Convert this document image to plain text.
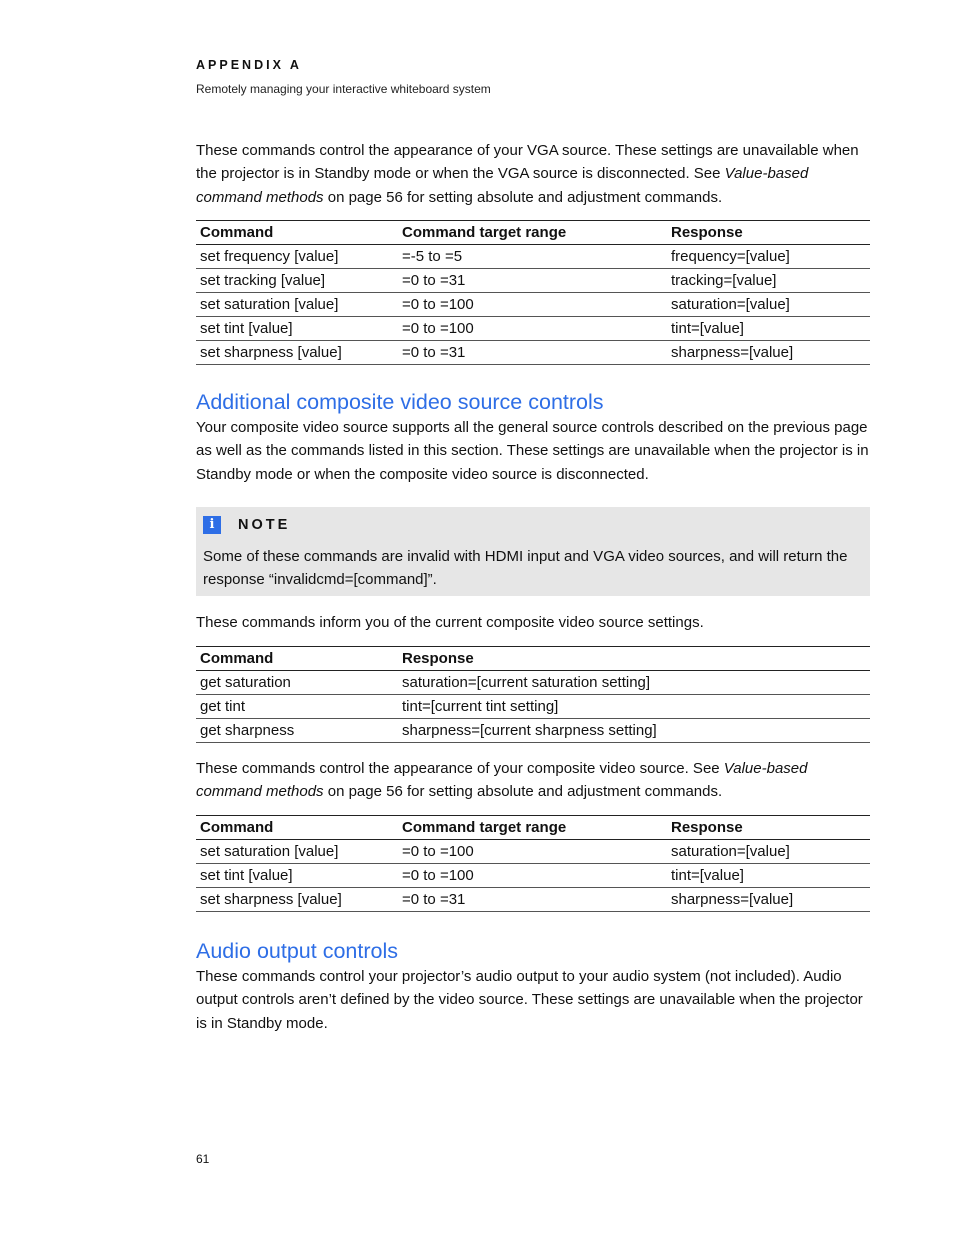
APPENDIX A
Remotely managing your interactive whiteboard system

These commands control the appearance of your VGA source. These settings are unavailable when the projector is in Standby mode or when the VGA source is disconnected. See Value-based command methods on page 56 for setting absolute and adjustment commands.

Command	Command target range	Response
set frequency [value]	=-5 to =5	frequency=[value]
set tracking [value]	=0 to =31	tracking=[value]
set saturation [value]	=0 to =100	saturation=[value]
set tint [value]	=0 to =100	tint=[value]
set sharpness [value]	=0 to =31	sharpness=[value]
Additional composite video source controls

Your composite video source supports all the general source controls described on the previous page as well as the commands listed in this section. These settings are unavailable when the projector is in Standby mode or when the composite video source is disconnected.

i	NOTE
Some of these commands are invalid with HDMI input and VGA video sources, and will return the response “invalidcmd=[command]”.

These commands inform you of the current composite video source settings.

Command	Response
get saturation	saturation=[current saturation setting]
get tint	tint=[current tint setting]
get sharpness	sharpness=[current sharpness setting]

These commands control the appearance of your composite video source. See Value-based command methods on page 56 for setting absolute and adjustment commands.

Command	Command target range	Response
set saturation [value]	=0 to =100	saturation=[value]
set tint [value]	=0 to =100	tint=[value]
set sharpness [value]	=0 to =31	sharpness=[value]
Audio output controls

These commands control your projector’s audio output to your audio system (not included). Audio output controls aren’t defined by the video source. These settings are unavailable when the projector is in Standby mode.

61
